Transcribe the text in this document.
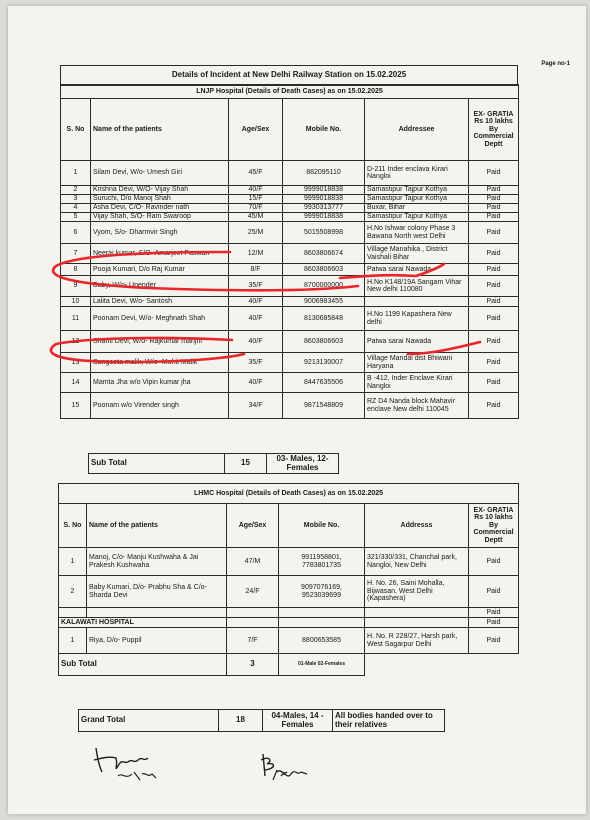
Page no-1
Details of Incident at New Delhi Railway Station on 15.02.2025
LNJP Hospital (Details of Death Cases) as on 15.02.2025					
S. No	Name of the patients	Age/Sex	Mobile No.	Addressee	EX- GRATIA Rs 10 lakhs By Commercial Deptt
1	Silam Devi, W/o- Umesh Giri	45/F	882095110	D-211 Inder enclava Kirari Nangloi	Paid
2	Krishna Devi, W/O- Vijay Shah	40/F	9999018838	Samastipur Tajpur Kothya	Paid
3	Suruchi, D/o Manoj Shah	15/F	9999018838	Samastipur Tajpur Kothya	Paid
4	Asha Devi, C/O- Ravinder nath	70/F	9930313777	Buxar, Bihar	Paid
5	Vijay Shah, S/O- Ram Swaroop	45/M	9999018838	Samastipur Tajpur Kothya	Paid
6	Vyom, S/o- Dharmvir Singh	25/M	5015508998	H.No Ishwar colony Phase 3 Bawana North west Delhi	Paid
7	Neeraj kumar, S/O- Amarjeet Paswan	12/M	8603806674	Village Manahika , District Vaishali Bihar	Paid
8	Pooja Kumari, D/o Raj Kumar	8/F	8603806603	Patwa sarai Nawada	Paid
9	Baby, W/o- Upender	35/F	8700000000	H.No K148/19A Sangam Vihar New delhi 110080	Paid
10	Lalita Devi, W/o- Santosh	40/F	9006983455		Paid
11	Poonam Devi, W/o- Meghnath Shah	40/F	8130685848	H.No 1199 Kapashera New delhi	Paid
12	Shanti Devi, W/o- Rajkumar manjhi	40/F	8603806603	Patwa sarai Nawada	Paid
13	Sangeeta malik, W/o- Mohit Malik	35/F	9213130007	Village Mandal dist Bhiwani Haryana	Paid
14	Mamta Jha w/o Vipin kumar jha	40/F	8447635506	B -412, Inder Enclave Kirari Nangloi	Paid
15	Poonam w/o Virender singh	34/F	9871548809	RZ D4 Nanda block Mahavir enclave New delhi 110045	Paid
Sub Total	15	03- Males, 12-Females
LHMC Hospital (Details of Death Cases) as on 15.02.2025					
S. No	Name of the patients	Age/Sex	Mobile No.	Addresss	EX- GRATIA Rs 10 lakhs By Commercial Deptt
1	Manoj, C/o- Manju Kushwaha & Jai Prakesh Kushwaha	47/M	9911958801, 7783801735	321/330/331, Chanchal park, Nangloi, New Delhi	Paid
2	Baby Kumari, D/o- Prabhu Sha & C/o- Sharda Devi	24/F	9097076169, 9523039699	H. No. 26, Saini Mohalla, Bijwasan, West Delhi (Kapashera)	Paid
					Paid
KALAWATI HOSPITAL					Paid
1	Riya, D/o- Puppil	7/F	8800653585	H. No. R 228/27, Harsh park, West Sagarpur Delhi	Paid
Sub Total		3	01-Male 02-Females		
Grand Total	18	04-Males, 14 -Females	All bodies handed over to their relatives
